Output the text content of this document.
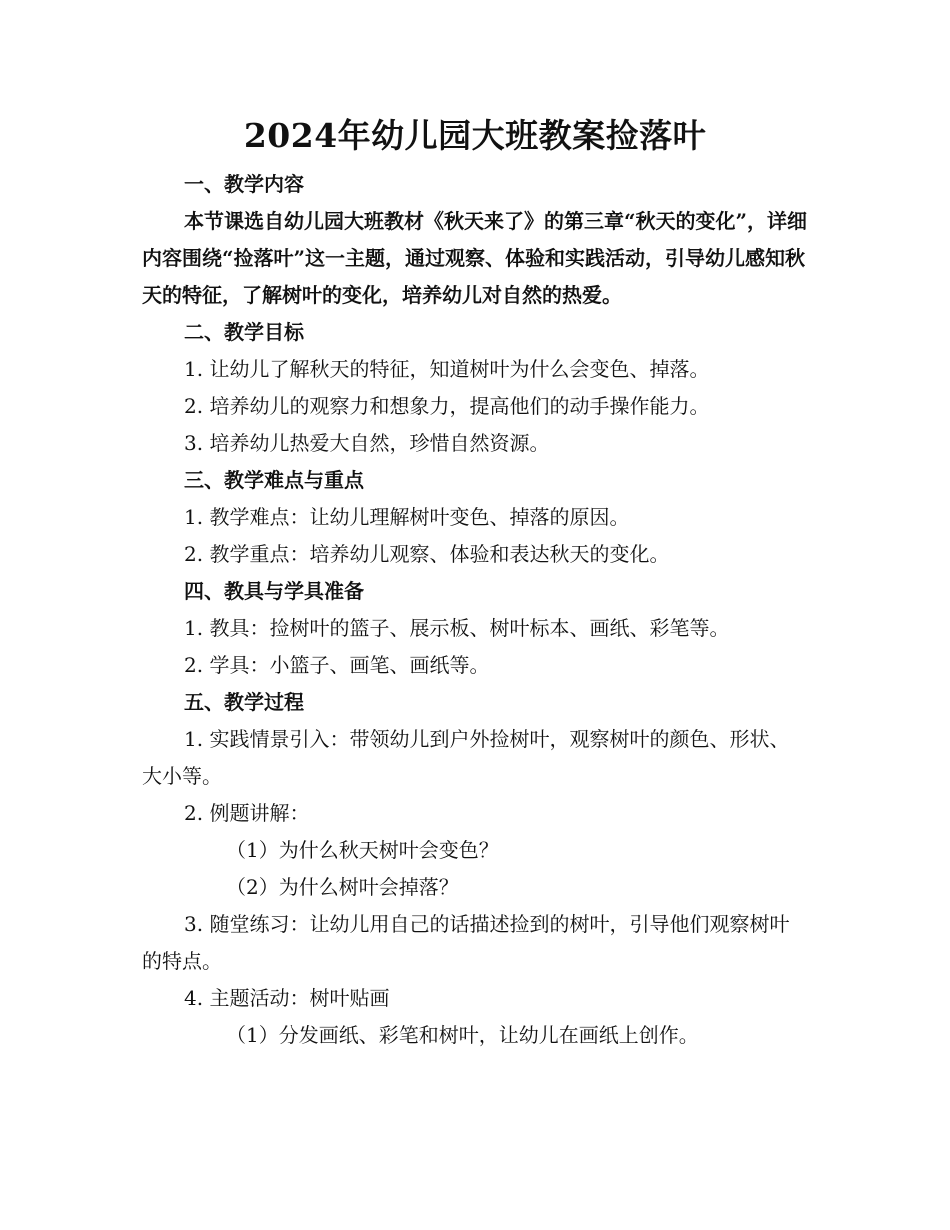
2024年幼儿园大班教案捡落叶

一、教学内容

本节课选自幼儿园大班教材《秋天来了》的第三章“秋天的变化”，详细内容围绕“捡落叶”这一主题，通过观察、体验和实践活动，引导幼儿感知秋天的特征，了解树叶的变化，培养幼儿对自然的热爱。

二、教学目标

1. 让幼儿了解秋天的特征，知道树叶为什么会变色、掉落。

2. 培养幼儿的观察力和想象力，提高他们的动手操作能力。

3. 培养幼儿热爱大自然，珍惜自然资源。

三、教学难点与重点

1. 教学难点：让幼儿理解树叶变色、掉落的原因。

2. 教学重点：培养幼儿观察、体验和表达秋天的变化。

四、教具与学具准备

1. 教具：捡树叶的篮子、展示板、树叶标本、画纸、彩笔等。

2. 学具：小篮子、画笔、画纸等。

五、教学过程

1. 实践情景引入：带领幼儿到户外捡树叶，观察树叶的颜色、形状、大小等。

2. 例题讲解：

（1）为什么秋天树叶会变色？

（2）为什么树叶会掉落？

3. 随堂练习：让幼儿用自己的话描述捡到的树叶，引导他们观察树叶的特点。

4. 主题活动：树叶贴画

（1）分发画纸、彩笔和树叶，让幼儿在画纸上创作。
